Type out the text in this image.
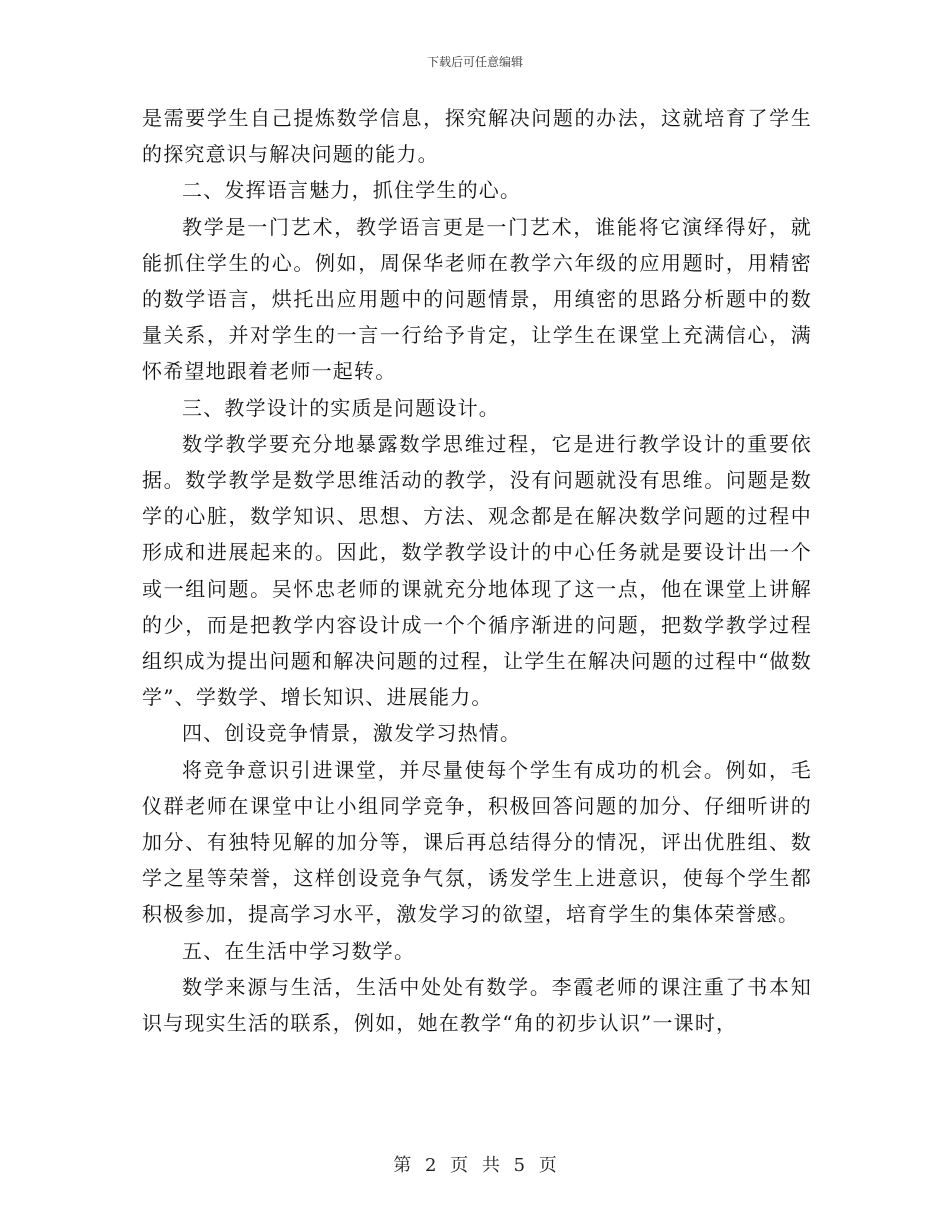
下载后可任意编辑

是需要学生自己提炼数学信息，探究解决问题的办法，这就培育了学生的探究意识与解决问题的能力。

二、发挥语言魅力，抓住学生的心。

教学是一门艺术，教学语言更是一门艺术，谁能将它演绎得好，就能抓住学生的心。例如，周保华老师在教学六年级的应用题时，用精密的数学语言，烘托出应用题中的问题情景，用缜密的思路分析题中的数量关系，并对学生的一言一行给予肯定，让学生在课堂上充满信心，满怀希望地跟着老师一起转。

三、教学设计的实质是问题设计。

数学教学要充分地暴露数学思维过程，它是进行教学设计的重要依据。数学教学是数学思维活动的教学，没有问题就没有思维。问题是数学的心脏，数学知识、思想、方法、观念都是在解决数学问题的过程中形成和进展起来的。因此，数学教学设计的中心任务就是要设计出一个或一组问题。吴怀忠老师的课就充分地体现了这一点，他在课堂上讲解的少，而是把教学内容设计成一个个循序渐进的问题，把数学教学过程组织成为提出问题和解决问题的过程，让学生在解决问题的过程中“做数学”、学数学、增长知识、进展能力。

四、创设竞争情景，激发学习热情。

将竞争意识引进课堂，并尽量使每个学生有成功的机会。例如，毛仪群老师在课堂中让小组同学竞争，积极回答问题的加分、仔细听讲的加分、有独特见解的加分等，课后再总结得分的情况，评出优胜组、数学之星等荣誉，这样创设竞争气氛，诱发学生上进意识，使每个学生都积极参加，提高学习水平，激发学习的欲望，培育学生的集体荣誉感。

五、在生活中学习数学。

数学来源与生活，生活中处处有数学。李霞老师的课注重了书本知识与现实生活的联系，例如，她在教学“角的初步认识”一课时，

第 2 页 共 5 页
